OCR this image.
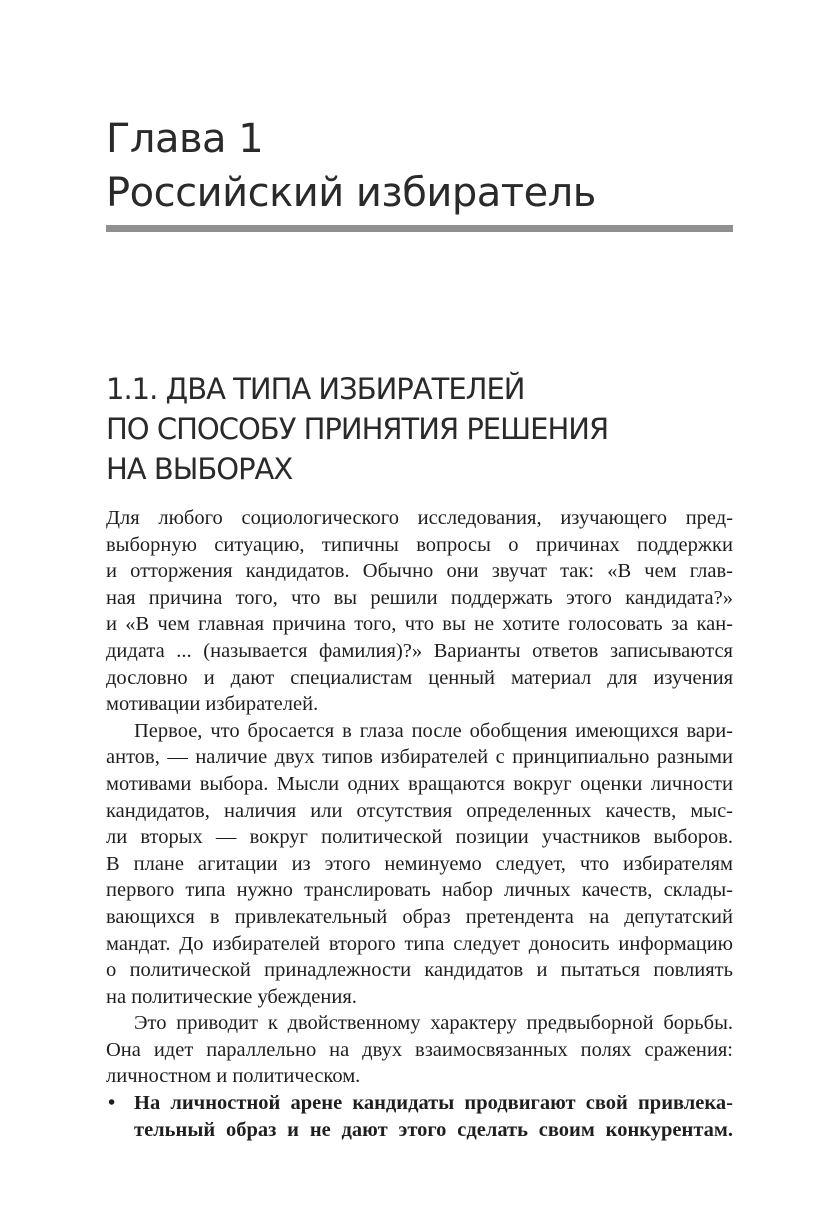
Глава 1
Российский избиратель
1.1. ДВА ТИПА ИЗБИРАТЕЛЕЙ
ПО СПОСОБУ ПРИНЯТИЯ РЕШЕНИЯ
НА ВЫБОРАХ
Для любого социологического исследования, изучающего пред-
выборную ситуацию, типичны вопросы о причинах поддержки
и отторжения кандидатов. Обычно они звучат так: «В чем глав-
ная причина того, что вы решили поддержать этого кандидата?»
и «В чем главная причина того, что вы не хотите голосовать за кан-
дидата ... (называется фамилия)?» Варианты ответов записываются
дословно и дают специалистам ценный материал для изучения
мотивации избирателей.
Первое, что бросается в глаза после обобщения имеющихся вари-
антов, — наличие двух типов избирателей с принципиально разными
мотивами выбора. Мысли одних вращаются вокруг оценки личности
кандидатов, наличия или отсутствия определенных качеств, мыс-
ли вторых — вокруг политической позиции участников выборов.
В плане агитации из этого неминуемо следует, что избирателям
первого типа нужно транслировать набор личных качеств, склады-
вающихся в привлекательный образ претендента на депутатский
мандат. До избирателей второго типа следует доносить информацию
о политической принадлежности кандидатов и пытаться повлиять
на политические убеждения.
Это приводит к двойственному характеру предвыборной борьбы.
Она идет параллельно на двух взаимосвязанных полях сражения:
личностном и политическом.
• На личностной арене кандидаты продвигают свой привлека-
тельный образ и не дают этого сделать своим конкурентам.
